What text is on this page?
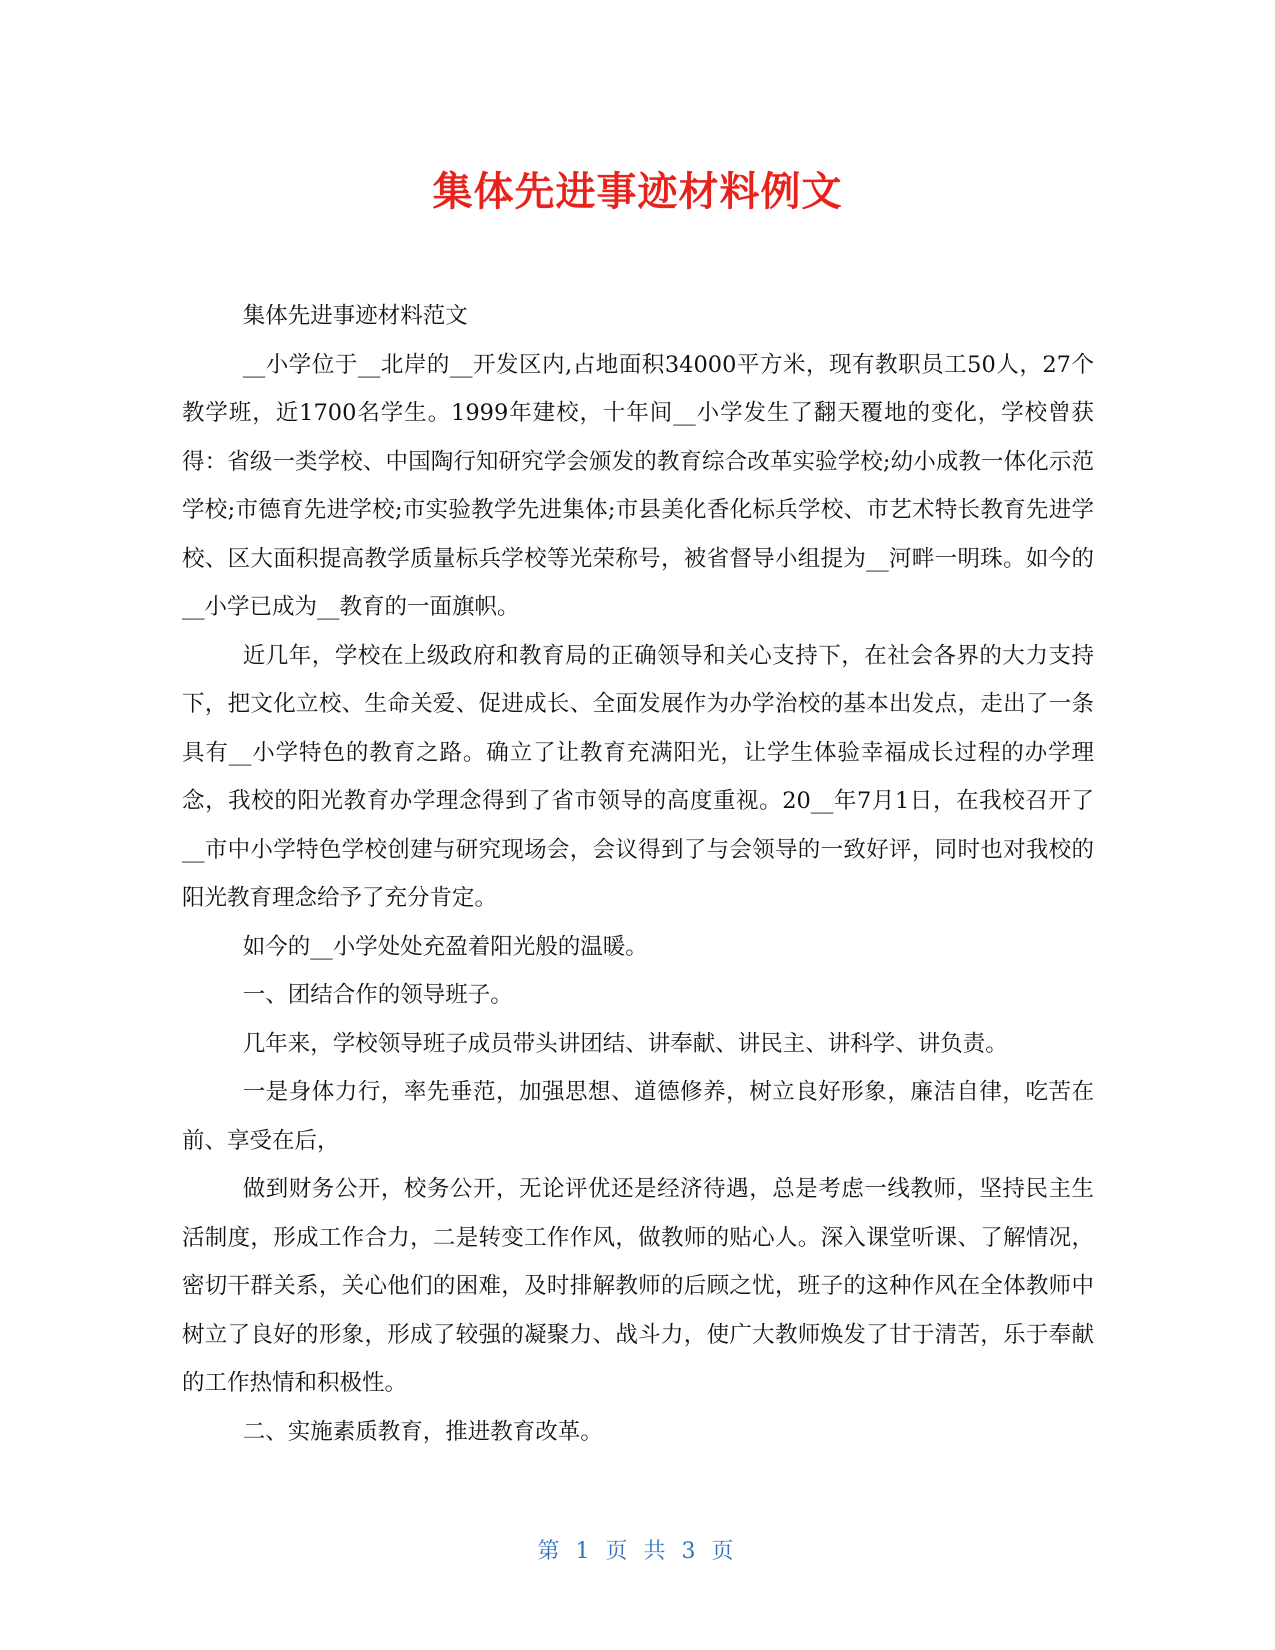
集体先进事迹材料例文

集体先进事迹材料范文

__小学位于__北岸的__开发区内,占地面积34000平方米，现有教职员工50人，27个教学班，近1700名学生。1999年建校，十年间__小学发生了翻天覆地的变化，学校曾获得：省级一类学校、中国陶行知研究学会颁发的教育综合改革实验学校;幼小成教一体化示范学校;市德育先进学校;市实验教学先进集体;市县美化香化标兵学校、市艺术特长教育先进学校、区大面积提高教学质量标兵学校等光荣称号，被省督导小组提为__河畔一明珠。如今的__小学已成为__教育的一面旗帜。

近几年，学校在上级政府和教育局的正确领导和关心支持下，在社会各界的大力支持下，把文化立校、生命关爱、促进成长、全面发展作为办学治校的基本出发点，走出了一条具有__小学特色的教育之路。确立了让教育充满阳光，让学生体验幸福成长过程的办学理念，我校的阳光教育办学理念得到了省市领导的高度重视。20__年7月1日，在我校召开了__市中小学特色学校创建与研究现场会，会议得到了与会领导的一致好评，同时也对我校的阳光教育理念给予了充分肯定。

如今的__小学处处充盈着阳光般的温暖。

一、团结合作的领导班子。

几年来，学校领导班子成员带头讲团结、讲奉献、讲民主、讲科学、讲负责。

一是身体力行，率先垂范，加强思想、道德修养，树立良好形象，廉洁自律，吃苦在前、享受在后，

做到财务公开，校务公开，无论评优还是经济待遇，总是考虑一线教师，坚持民主生活制度，形成工作合力，二是转变工作作风，做教师的贴心人。深入课堂听课、了解情况，密切干群关系，关心他们的困难，及时排解教师的后顾之忧，班子的这种作风在全体教师中树立了良好的形象，形成了较强的凝聚力、战斗力，使广大教师焕发了甘于清苦，乐于奉献的工作热情和积极性。

二、实施素质教育，推进教育改革。

第 1 页 共 3 页
